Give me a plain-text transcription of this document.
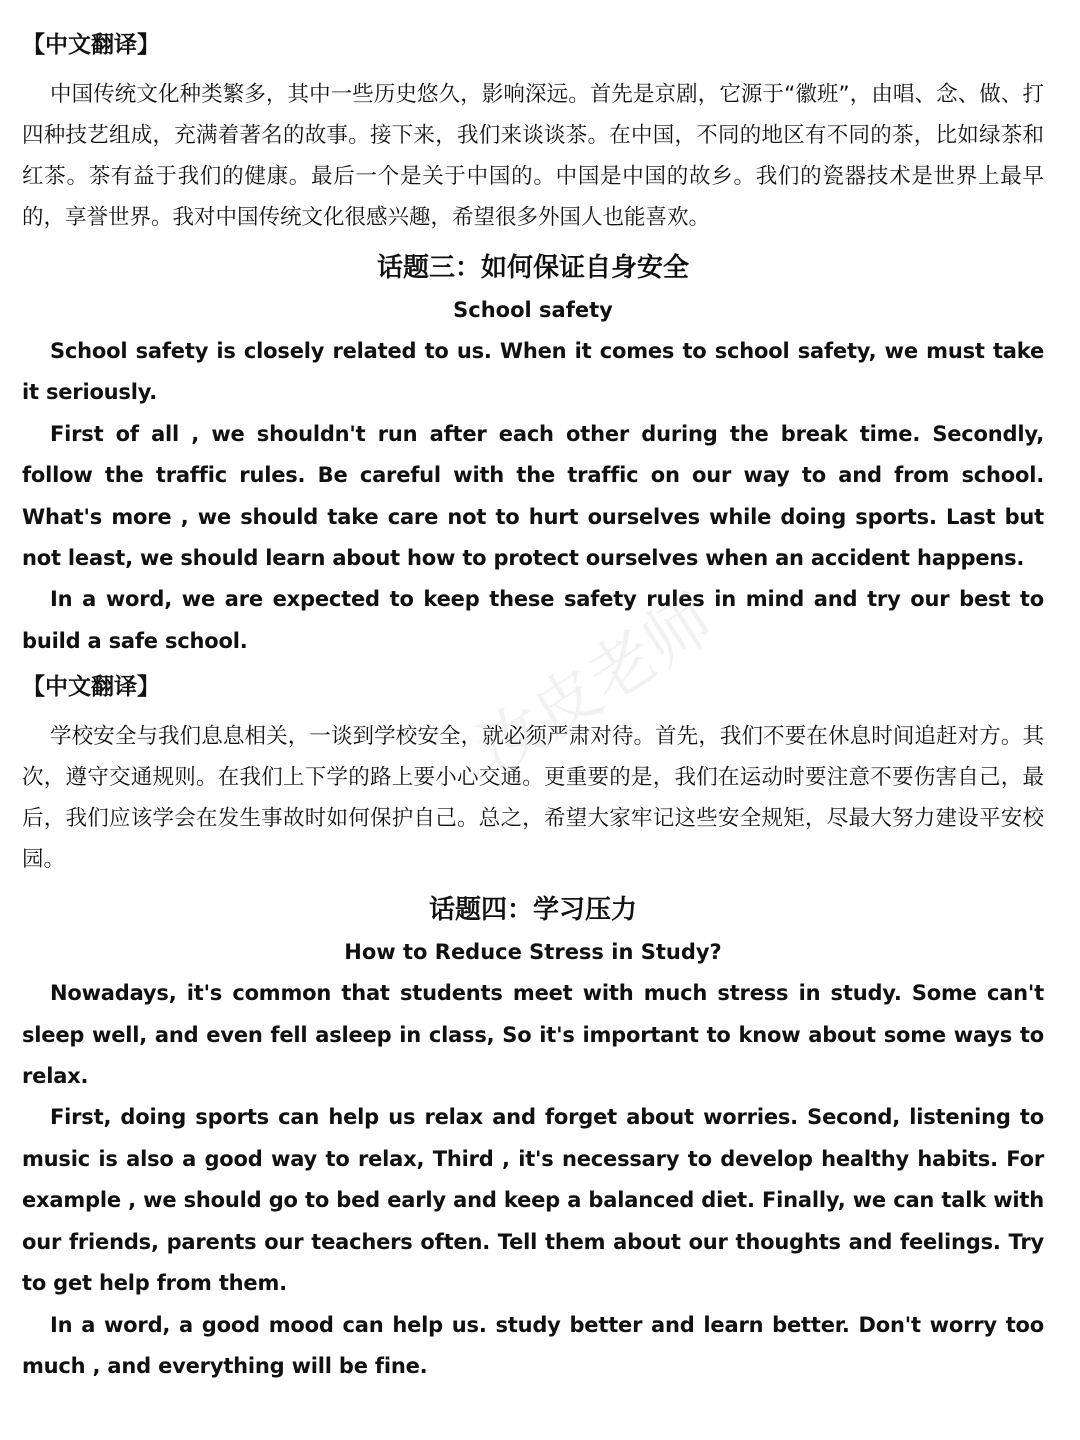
【中文翻译】

中国传统文化种类繁多，其中一些历史悠久，影响深远。首先是京剧，它源于“徽班”，由唱、念、做、打四种技艺组成，充满着著名的故事。接下来，我们来谈谈茶。在中国，不同的地区有不同的茶，比如绿茶和红茶。茶有益于我们的健康。最后一个是关于中国的。中国是中国的故乡。我们的瓷器技术是世界上最早的，享誉世界。我对中国传统文化很感兴趣，希望很多外国人也能喜欢。

话题三：如何保证自身安全
School safety

School safety is closely related to us. When it comes to school safety, we must take it seriously.

First of all , we shouldn't run after each other during the break time. Secondly, follow the traffic rules. Be careful with the traffic on our way to and from school. What's more , we should take care not to hurt ourselves while doing sports. Last but not least, we should learn about how to protect ourselves when an accident happens.

In a word, we are expected to keep these safety rules in mind and try our best to build a safe school.

【中文翻译】

学校安全与我们息息相关，一谈到学校安全，就必须严肃对待。首先，我们不要在休息时间追赶对方。其次，遵守交通规则。在我们上下学的路上要小心交通。更重要的是，我们在运动时要注意不要伤害自己，最后，我们应该学会在发生事故时如何保护自己。总之，希望大家牢记这些安全规矩，尽最大努力建设平安校园。

话题四：学习压力
How to Reduce Stress in Study?

Nowadays, it's common that students meet with much stress in study. Some can't sleep well, and even fell asleep in class, So it's important to know about some ways to relax.

First, doing sports can help us relax and forget about worries. Second, listening to music is also a good way to relax, Third , it's necessary to develop healthy habits. For example , we should go to bed early and keep a balanced diet. Finally, we can talk with our friends, parents our teachers often. Tell them about our thoughts and feelings. Try to get help from them.

In a word, a good mood can help us. study better and learn better. Don't worry too much , and everything will be fine.

汝皮老师
